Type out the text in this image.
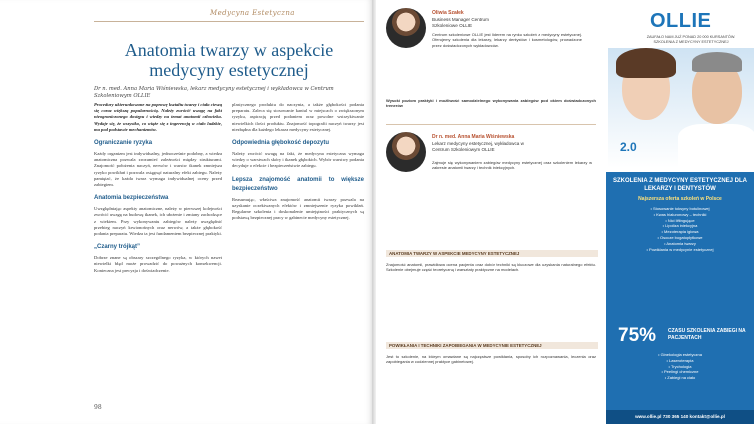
Medycyna Estetyczna
Anatomia twarzy w aspekcie medycyny estetycznej
Dr n. med. Anna Maria Wiśniewska, lekarz medycyny estetycznej i wykładowca w Centrum Szkoleniowym OLLIE
Procedury ukierunkowane na poprawę kształtu twarzy i ciała cieszą się coraz większą popularnością. Należy zwrócić uwagę na fakt nieograniczonego dostępu i wiedzy na temat anatomii człowieka. Wydaje się, że wszystko, co wiąże się z ingerencją w ciało ludzkie, ma pod podstawie mechanizmów.
Ograniczanie ryzyka
Każdy organizm jest indywidualny, jednocześnie podobny, a wiedza anatomiczna pozwala zrozumieć zależności między strukturami. Znajomość położenia naczyń, nerwów i warstw tkanek zmniejsza ryzyko powikłań i pozwala osiągnąć naturalny efekt zabiegu. Należy pamiętać, że każda twarz wymaga indywidualnej oceny przed zabiegiem.
Anatomia bezpieczeństwa
Uwzględniając aspekty anatomiczne, należy w pierwszej kolejności zwrócić uwagę na budowę tkanek, ich ułożenie i zmiany zachodzące z wiekiem. Przy wykonywaniu zabiegów należy uwzględnić przebieg naczyń krwionośnych oraz nerwów, a także głębokość podania preparatu. Wiedza ta jest fundamentem bezpiecznej praktyki.
„Czarny trójkąt”
Dobrze znane są obszary szczególnego ryzyka, w których nawet niewielki błąd może prowadzić do poważnych konsekwencji. Konieczna jest precyzja i doświadczenie.
plastycznego produktu do naczynia, a także głębokości podania preparatu. Zaleca się stosowanie kaniul w miejscach o zwiększonym ryzyku, aspirację przed podaniem oraz powolne wstrzykiwanie niewielkich ilości produktu. Znajomość topografii naczyń twarzy jest niezbędna dla każdego lekarza medycyny estetycznej.
Odpowiednia głębokość depozytu
Należy zwrócić uwagę na fakt, że medycyna estetyczna wymaga wiedzy o warstwach skóry i tkanek głębokich. Wybór warstwy podania decyduje o efekcie i bezpieczeństwie zabiegu.
Lepsza znajomość anatomii to większe bezpieczeństwo
Reasumując, właściwa znajomość anatomii twarzy pozwala na uzyskanie oczekiwanych efektów i zmniejszenie ryzyka powikłań. Regularne szkolenia i doskonalenie umiejętności praktycznych są podstawą bezpiecznej pracy w gabinecie medycyny estetycznej.
98
Oliwia Szałek
Business Manager Centrum Szkoleniowe OLLIE
Centrum szkoleniowe OLLIE jest liderem na rynku szkoleń z medycyny estetycznej. Oferujemy szkolenia dla lekarzy, lekarzy dentystów i kosmetologów, prowadzone przez doświadczonych wykładowców.
Wysoki poziom praktyki i możliwość samodzielnego wykonywania zabiegów pod okiem doświadczonych trenerów
Dr n. med. Anna Maria Wiśniewska
Lekarz medycyny estetycznej, wykładowca w Centrum Szkoleniowym OLLIE
Zajmuje się wykonywaniem zabiegów medycyny estetycznej oraz szkoleniem lekarzy w zakresie anatomii twarzy i technik iniekcyjnych.
ANATOMIA TWARZY W ASPEKCIE MEDYCYNY ESTETYCZNEJ
Znajomość anatomii, prawidłowa ocena pacjenta oraz dobór techniki są kluczowe dla uzyskania naturalnego efektu. Szkolenie obejmuje część teoretyczną i warsztaty praktyczne na modelach.
POWIKŁANIA I TECHNIKI ZAPOBIEGANIA W MEDYCYNIE ESTETYCZNEJ
Jest to szkolenie, na którym omawiane są najczęstsze powikłania, sposoby ich rozpoznawania, leczenia oraz zapobiegania w codziennej praktyce gabinetowej.
OLLIE
ZAUFAŁO NAM JUŻ PONAD 20 000 KURSANTÓW. SZKOLENIA Z MEDYCYNY ESTETYCZNEJ
2.0
SZKOLENIA Z MEDYCYNY ESTETYCZNEJ DLA LEKARZY I DENTYSTÓW
Najszersza oferta szkoleń w Polsce
• Stosowanie toksyny botulinowej
• Kwas hialuronowy – techniki
• Nici liftingujące
• Lipoliza iniekcyjna
• Mezoterapia igłowa
• Osocze bogatopłytkowe
• Anatomia twarzy
• Powikłania w medycynie estetycznej
75% CZASU SZKOLENIA ZABIEGI NA PACJENTACH
• Ginekologia estetyczna
• Laseroterapia
• Trychologia
• Peelingi chemiczne
• Zabiegi na ciało
www.ollie.pl 730 365 140 kontakt@ollie.pl
